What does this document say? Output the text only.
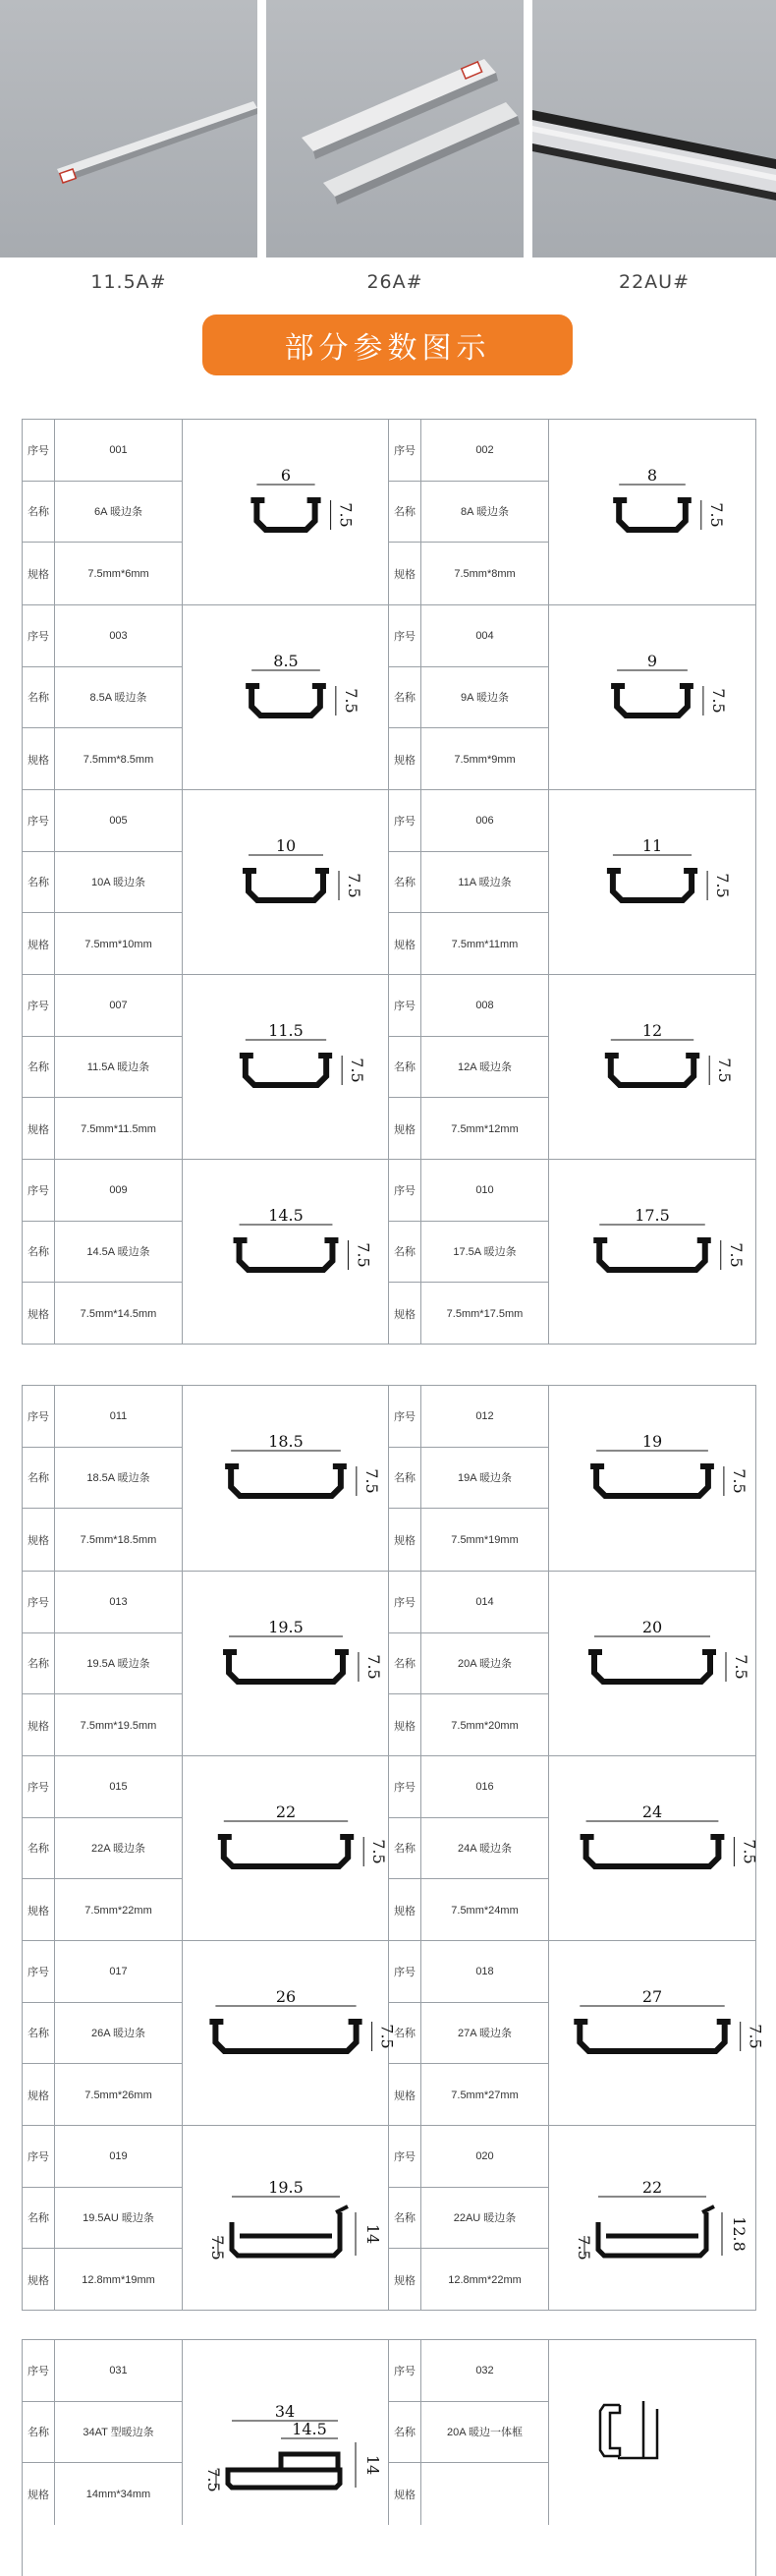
11.5A#	26A#	22AU#
部分参数图示
序号	001
名称	6A 暖边条
规格	7.5mm*6mm
6
7.5
序号	002
名称	8A 暖边条
规格	7.5mm*8mm
8
7.5
序号	003
名称	8.5A 暖边条
规格	7.5mm*8.5mm
8.5
7.5
序号	004
名称	9A 暖边条
规格	7.5mm*9mm
9
7.5
序号	005
名称	10A 暖边条
规格	7.5mm*10mm
10
7.5
序号	006
名称	11A 暖边条
规格	7.5mm*11mm
11
7.5
序号	007
名称	11.5A 暖边条
规格	7.5mm*11.5mm
11.5
7.5
序号	008
名称	12A 暖边条
规格	7.5mm*12mm
12
7.5
序号	009
名称	14.5A 暖边条
规格	7.5mm*14.5mm
14.5
7.5
序号	010
名称	17.5A 暖边条
规格	7.5mm*17.5mm
17.5
7.5
序号	011
名称	18.5A 暖边条
规格	7.5mm*18.5mm
18.5
7.5
序号	012
名称	19A 暖边条
规格	7.5mm*19mm
19
7.5
序号	013
名称	19.5A 暖边条
规格	7.5mm*19.5mm
19.5
7.5
序号	014
名称	20A 暖边条
规格	7.5mm*20mm
20
7.5
序号	015
名称	22A 暖边条
规格	7.5mm*22mm
22
7.5
序号	016
名称	24A 暖边条
规格	7.5mm*24mm
24
7.5
序号	017
名称	26A 暖边条
规格	7.5mm*26mm
26
7.5
序号	018
名称	27A 暖边条
规格	7.5mm*27mm
27
7.5
序号	019
名称	19.5AU 暖边条
规格	12.8mm*19mm
19.5
14
7.5
序号	020
名称	22AU 暖边条
规格	12.8mm*22mm
22
12.8
7.5
序号	031
名称	34AT 型暖边条
规格	14mm*34mm
34
14.5
14
7.5
序号	032
名称	20A 暖边一体框
规格
